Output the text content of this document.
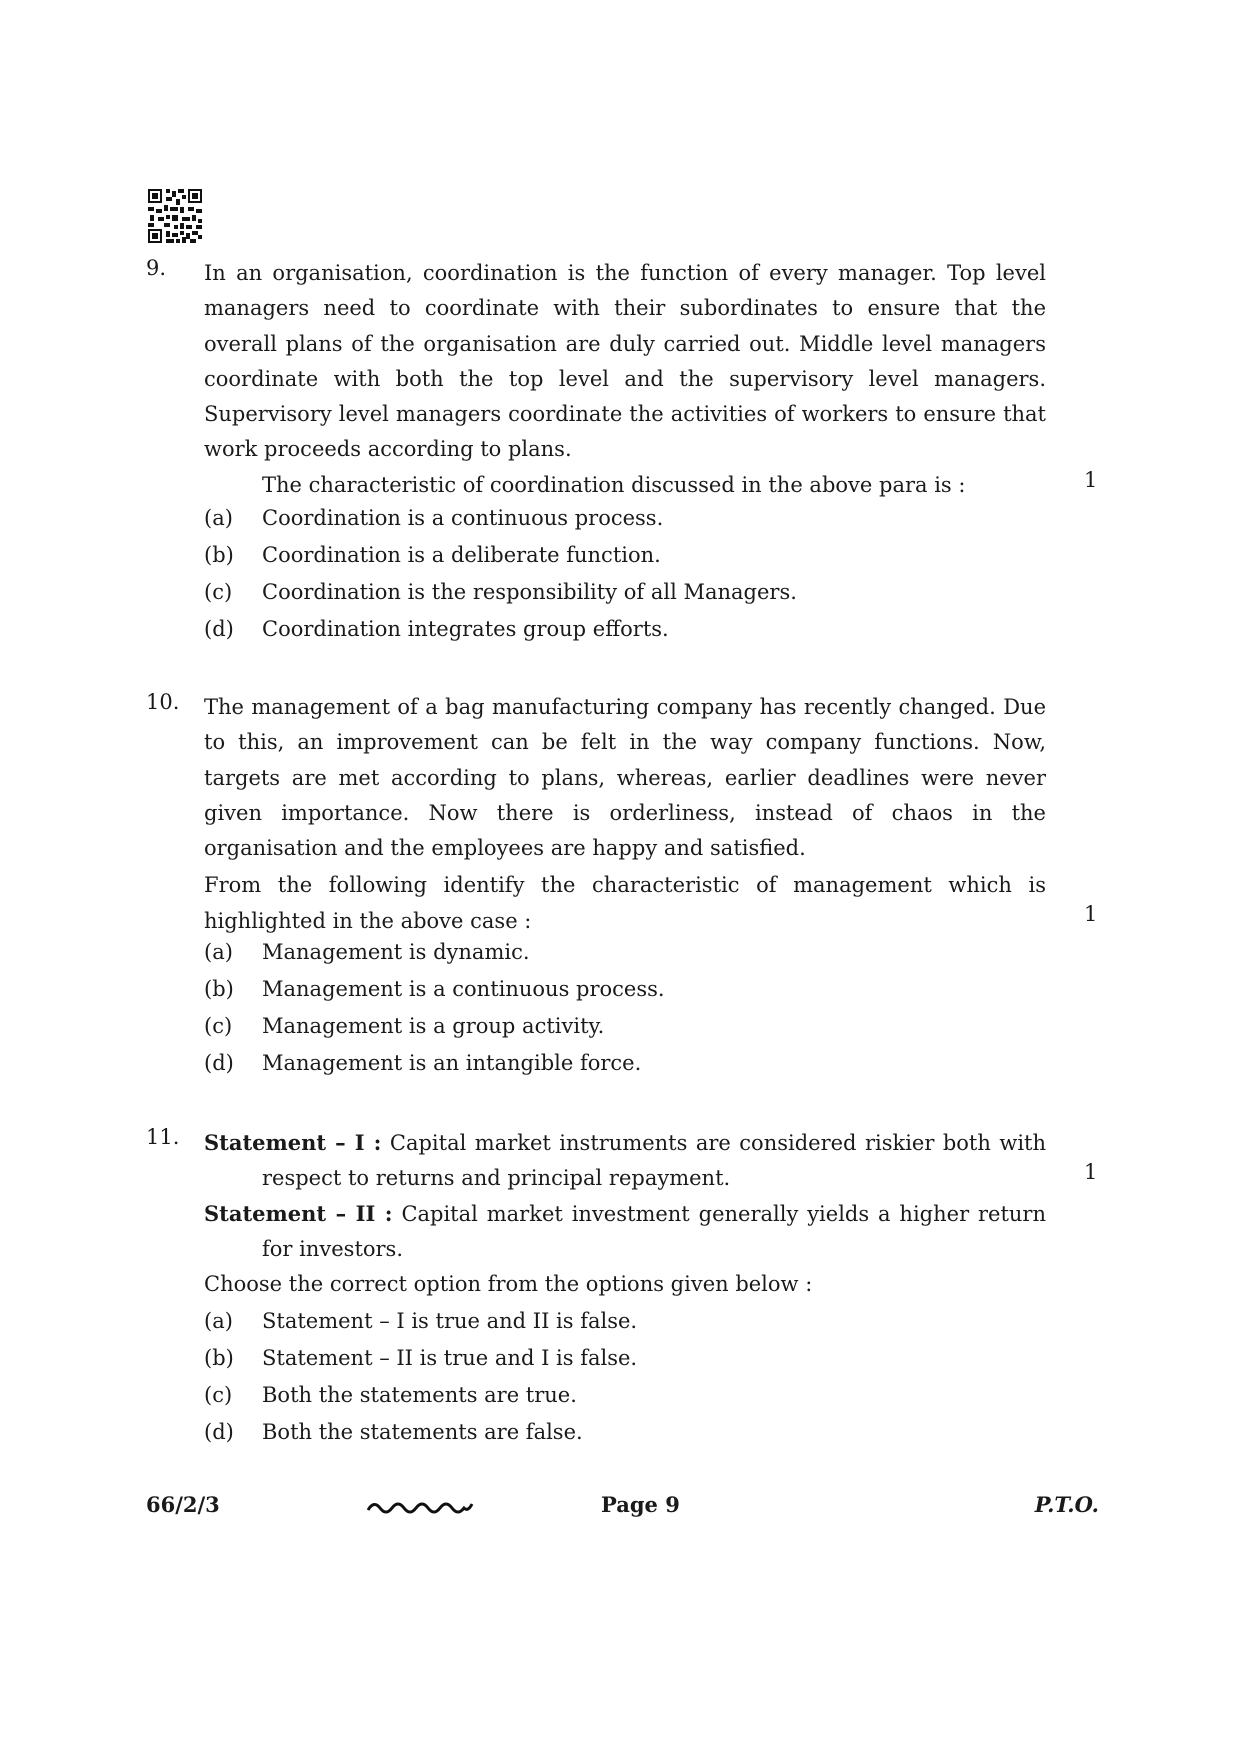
9. In an organisation, coordination is the function of every manager. Top level managers need to coordinate with their subordinates to ensure that the overall plans of the organisation are duly carried out. Middle level managers coordinate with both the top level and the supervisory level managers. Supervisory level managers coordinate the activities of workers to ensure that work proceeds according to plans.

The characteristic of coordination discussed in the above para is :	1
(a) Coordination is a continuous process.
(b) Coordination is a deliberate function.
(c) Coordination is the responsibility of all Managers.
(d) Coordination integrates group efforts.
10. The management of a bag manufacturing company has recently changed. Due to this, an improvement can be felt in the way company functions. Now, targets are met according to plans, whereas, earlier deadlines were never given importance. Now there is orderliness, instead of chaos in the organisation and the employees are happy and satisfied.

From the following identify the characteristic of management which is highlighted in the above case :	1
(a) Management is dynamic.
(b) Management is a continuous process.
(c) Management is a group activity.
(d) Management is an intangible force.
11. Statement – I : Capital market instruments are considered riskier both with respect to returns and principal repayment.

Statement – II : Capital market investment generally yields a higher return for investors.

Choose the correct option from the options given below :

1
(a) Statement – I is true and II is false.
(b) Statement – II is true and I is false.
(c) Both the statements are true.
(d) Both the statements are false.
66/2/3	Page 9	P.T.O.
